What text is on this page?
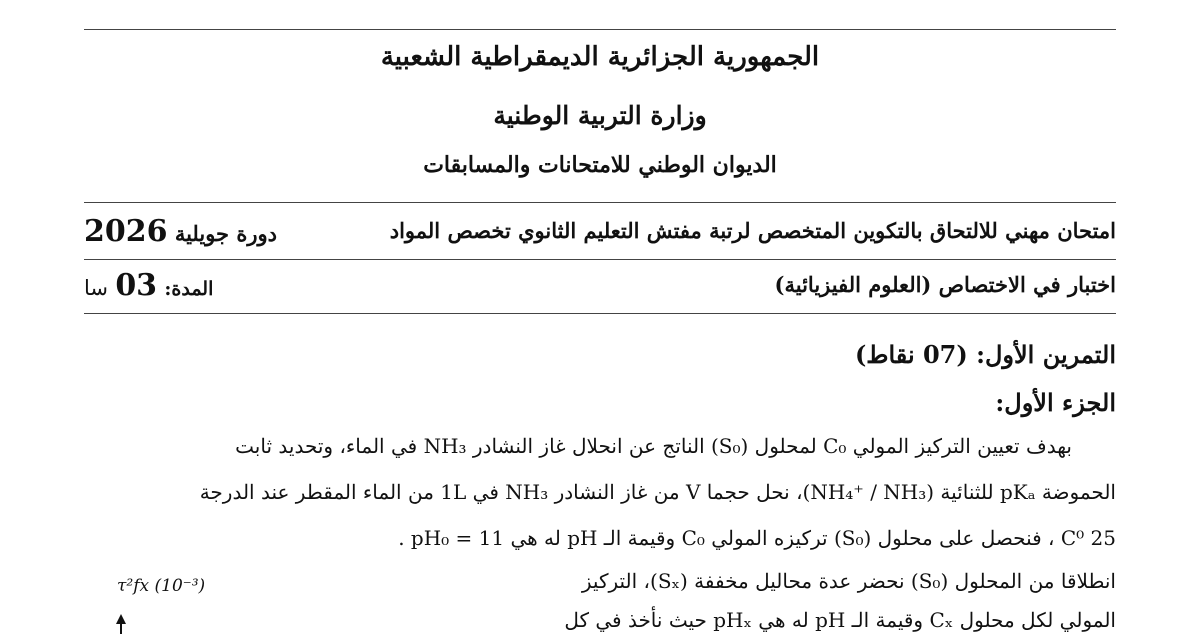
الجمهورية الجزائرية الديمقراطية الشعبية
وزارة التربية الوطنية
الديوان الوطني للامتحانات والمسابقات
امتحان مهني للالتحاق بالتكوين المتخصص لرتبة مفتش التعليم الثانوي تخصص المواد
دورة جويلية 2026
اختبار في الاختصاص (العلوم الفيزيائية)
المدة: 03 سا
التمرين الأول: (07 نقاط)
الجزء الأول:
بهدف تعيين التركيز المولي C₀ لمحلول (S₀) الناتج عن انحلال غاز النشادر NH₃ في الماء، وتحديد ثابت
الحموضة pKₐ للثنائية (NH₄⁺ / NH₃)، نحل حجما V من غاز النشادر NH₃ في 1L من الماء المقطر عند الدرجة
25 C⁰ ، فنحصل على محلول (S₀) تركيزه المولي C₀ وقيمة الـ pH له هي pH₀ = 11 .
انطلاقا من المحلول (S₀) نحضر عدة محاليل مخففة (Sₓ)، التركيز
المولي لكل محلول Cₓ وقيمة الـ pH له هي pHₓ حيث نأخذ في كل
τ²fx (10⁻³)
